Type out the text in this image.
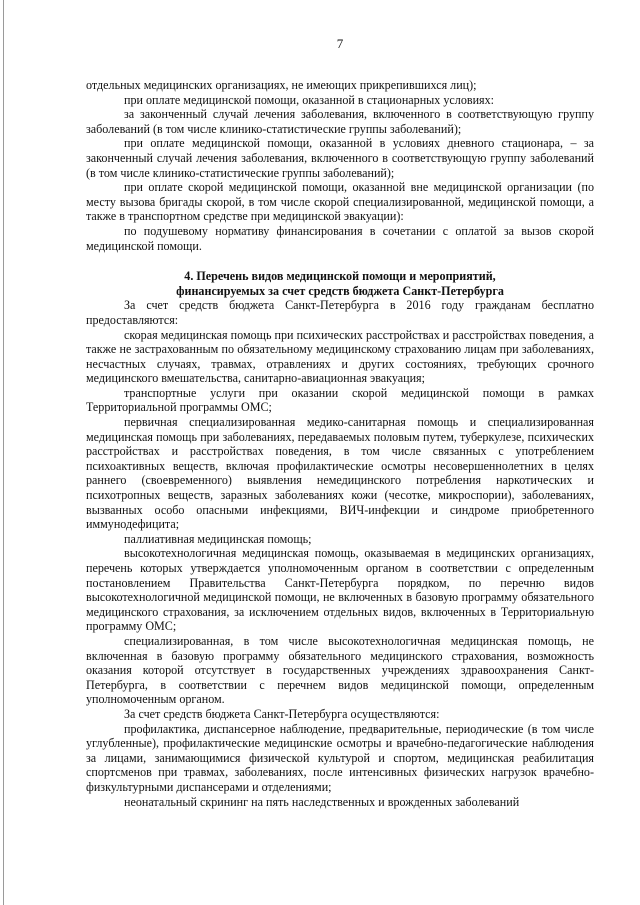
7

отдельных медицинских организациях, не имеющих прикрепившихся лиц);

при оплате медицинской помощи, оказанной в стационарных условиях:

за законченный случай лечения заболевания, включенного в соответствующую группу заболеваний (в том числе клинико-статистические группы заболеваний);

при оплате медицинской помощи, оказанной в условиях дневного стационара, – за законченный случай лечения заболевания, включенного в соответствующую группу заболеваний (в том числе клинико-статистические группы заболеваний);

при оплате скорой медицинской помощи, оказанной вне медицинской организации (по месту вызова бригады скорой, в том числе скорой специализированной, медицинской помощи, а также в транспортном средстве при медицинской эвакуации):

по подушевому нормативу финансирования в сочетании с оплатой за вызов скорой медицинской помощи.

4. Перечень видов медицинской помощи и мероприятий,
финансируемых за счет средств бюджета Санкт-Петербурга

За счет средств бюджета Санкт-Петербурга в 2016 году гражданам бесплатно предоставляются:

скорая медицинская помощь при психических расстройствах и расстройствах поведения, а также не застрахованным по обязательному медицинскому страхованию лицам при заболеваниях, несчастных случаях, травмах, отравлениях и других состояниях, требующих срочного медицинского вмешательства, санитарно-авиационная эвакуация;

транспортные услуги при оказании скорой медицинской помощи в рамках Территориальной программы ОМС;

первичная специализированная медико-санитарная помощь и специализированная медицинская помощь при заболеваниях, передаваемых половым путем, туберкулезе, психических расстройствах и расстройствах поведения, в том числе связанных с употреблением психоактивных веществ, включая профилактические осмотры несовершеннолетних в целях раннего (своевременного) выявления немедицинского потребления наркотических и психотропных веществ, заразных заболеваниях кожи (чесотке, микроспории), заболеваниях, вызванных особо опасными инфекциями, ВИЧ-инфекции и синдроме приобретенного иммунодефицита;

паллиативная медицинская помощь;

высокотехнологичная медицинская помощь, оказываемая в медицинских организациях, перечень которых утверждается уполномоченным органом в соответствии с определенным постановлением Правительства Санкт-Петербурга порядком, по перечню видов высокотехнологичной медицинской помощи, не включенных в базовую программу обязательного медицинского страхования, за исключением отдельных видов, включенных в Территориальную программу ОМС;

специализированная, в том числе высокотехнологичная медицинская помощь, не включенная в базовую программу обязательного медицинского страхования, возможность оказания которой отсутствует в государственных учреждениях здравоохранения Санкт-Петербурга, в соответствии с перечнем видов медицинской помощи, определенным уполномоченным органом.

За счет средств бюджета Санкт-Петербурга осуществляются:

профилактика, диспансерное наблюдение, предварительные, периодические (в том числе углубленные), профилактические медицинские осмотры и врачебно-педагогические наблюдения за лицами, занимающимися физической культурой и спортом, медицинская реабилитация спортсменов при травмах, заболеваниях, после интенсивных физических нагрузок врачебно-физкультурными диспансерами и отделениями;

неонатальный скрининг на пять наследственных и врожденных заболеваний
